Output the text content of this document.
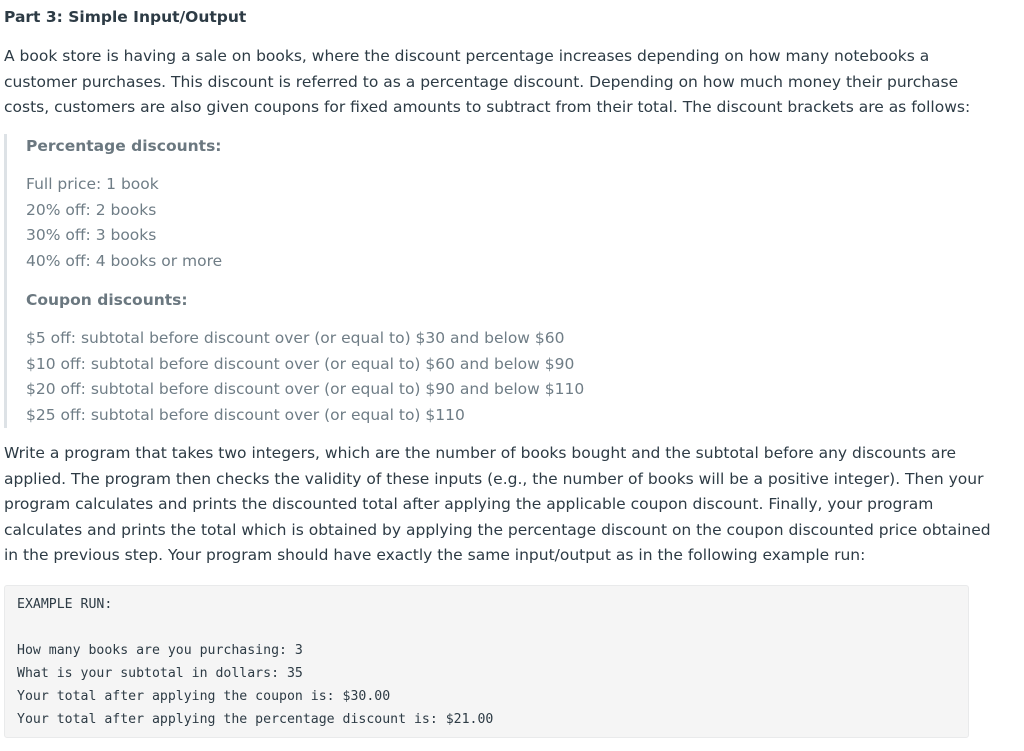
Part 3: Simple Input/Output

A book store is having a sale on books, where the discount percentage increases depending on how many notebooks a customer purchases. This discount is referred to as a percentage discount. Depending on how much money their purchase costs, customers are also given coupons for fixed amounts to subtract from their total. The discount brackets are as follows:

Percentage discounts:

Full price: 1 book
20% off: 2 books
30% off: 3 books
40% off: 4 books or more

Coupon discounts:

$5 off: subtotal before discount over (or equal to) $30 and below $60
$10 off: subtotal before discount over (or equal to) $60 and below $90
$20 off: subtotal before discount over (or equal to) $90 and below $110
$25 off: subtotal before discount over (or equal to) $110

Write a program that takes two integers, which are the number of books bought and the subtotal before any discounts are applied. The program then checks the validity of these inputs (e.g., the number of books will be a positive integer). Then your program calculates and prints the discounted total after applying the applicable coupon discount. Finally, your program calculates and prints the total which is obtained by applying the percentage discount on the coupon discounted price obtained in the previous step. Your program should have exactly the same input/output as in the following example run:

EXAMPLE RUN:
How many books are you purchasing: 3
What is your subtotal in dollars: 35
Your total after applying the coupon is: $30.00
Your total after applying the percentage discount is: $21.00
